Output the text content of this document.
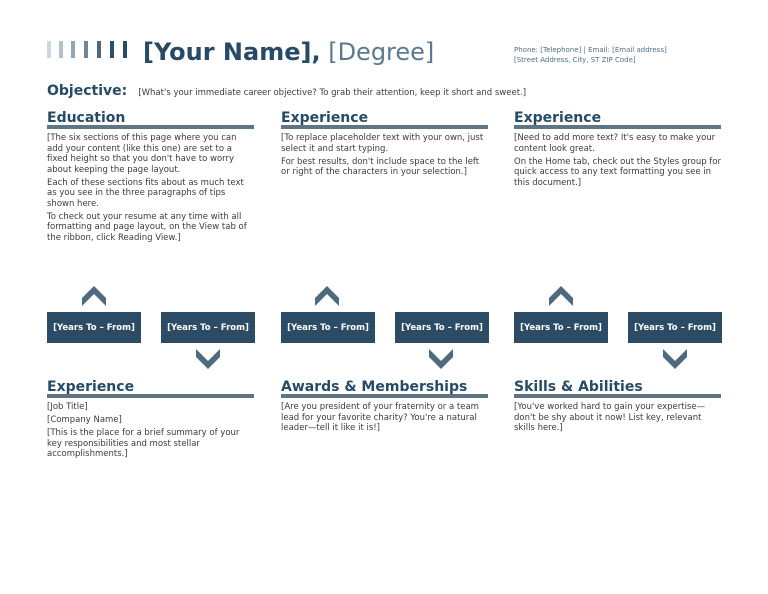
[Your Name], [Degree]	Phone: [Telephone] | Email: [Email address]
[Street Address, City, ST ZIP Code]
Objective: [What's your immediate career objective? To grab their attention, keep it short and sweet.]
Education

[The six sections of this page where you can add your content (like this one) are set to a fixed height so that you don't have to worry about keeping the page layout.

Each of these sections fits about as much text as you see in the three paragraphs of tips shown here.

To check out your resume at any time with all formatting and page layout, on the View tab of the ribbon, click Reading View.]

Experience

[To replace placeholder text with your own, just select it and start typing.

For best results, don't include space to the left or right of the characters in your selection.]

Experience

[Need to add more text? It's easy to make your content look great.

On the Home tab, check out the Styles group for quick access to any text formatting you see in this document.]

[Years To – From]	[Years To – From]	[Years To – From]	[Years To – From]	[Years To – From]	[Years To – From]
Experience

[Job Title]

[Company Name]

[This is the place for a brief summary of your key responsibilities and most stellar accomplishments.]

Awards & Memberships

[Are you president of your fraternity or a team lead for your favorite charity? You're a natural leader—tell it like it is!]

Skills & Abilities

[You've worked hard to gain your expertise—don't be shy about it now! List key, relevant skills here.]
